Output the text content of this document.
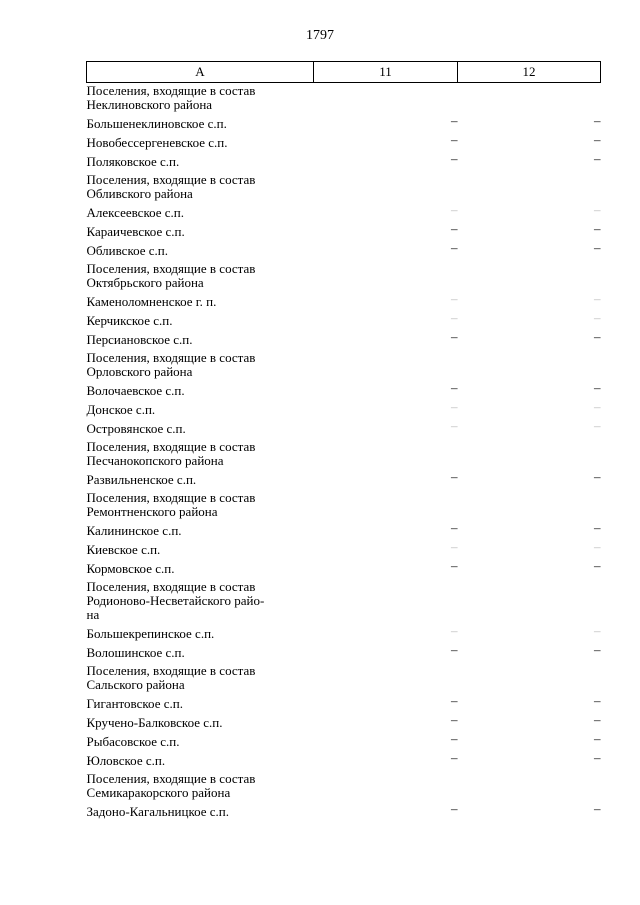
1797
А	11	12

Поселения, входящие в состав
Неклиновского района		

Большенеклиновское с.п.	–	–
Новобессергеневское с.п.	–	–
Поляковское с.п.	–	–

Поселения, входящие в состав
Обливского района		

Алексеевское с.п.	–	–
Караичевское с.п.	–	–
Обливское с.п.	–	–

Поселения, входящие в состав
Октябрьского района		

Каменоломненское г. п.	–	–
Керчикское с.п.	–	–
Персиановское с.п.	–	–

Поселения, входящие в состав
Орловского района		

Волочаевское с.п.	–	–
Донское с.п.	–	–
Островянское с.п.	–	–

Поселения, входящие в состав
Песчанокопского района		

Развильненское с.п.	–	–

Поселения, входящие в состав
Ремонтненского района		

Калининское с.п.	–	–
Киевское с.п.	–	–
Кормовское с.п.	–	–

Поселения, входящие в состав
Родионово-Несветайского райо-
на		

Большекрепинское с.п.	–	–
Волошинское с.п.	–	–

Поселения, входящие в состав
Сальского района		

Гигантовское с.п.	–	–
Кручено-Балковское с.п.	–	–
Рыбасовское с.п.	–	–
Юловское с.п.	–	–

Поселения, входящие в состав
Семикаракорского района		

Задоно-Кагальницкое с.п.	–	–
